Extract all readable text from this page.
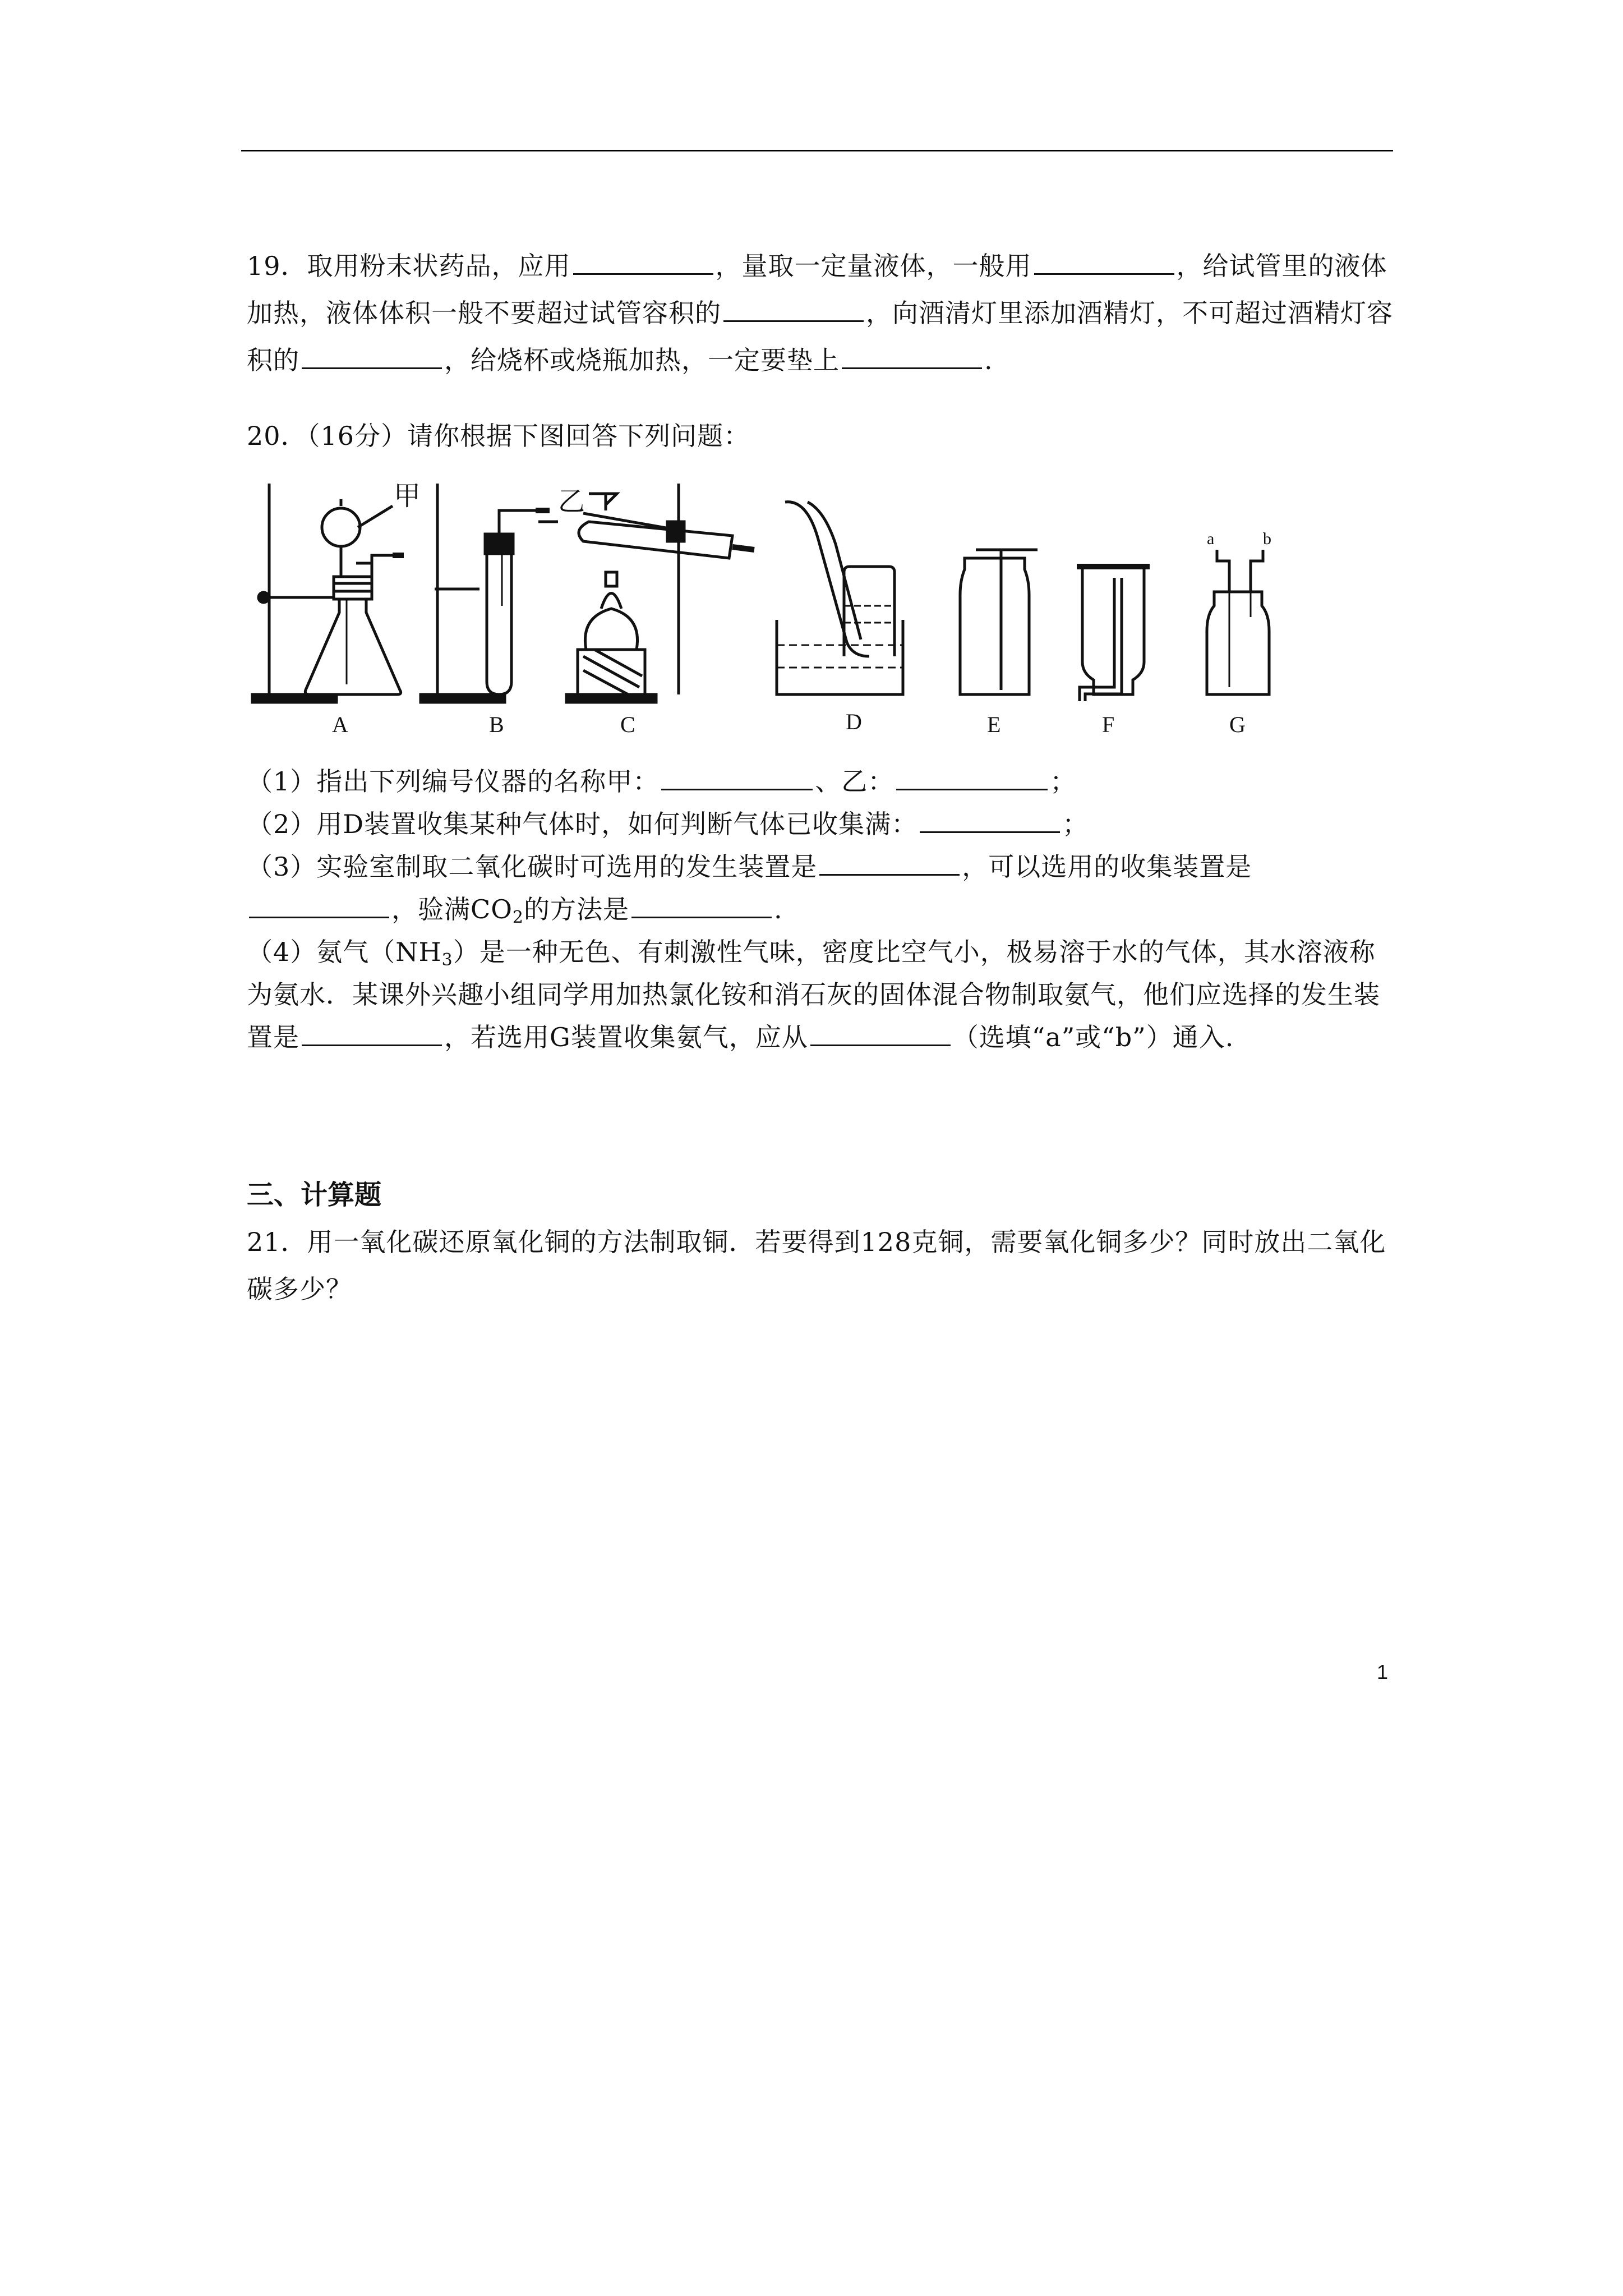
19．取用粉末状药品，应用	，量取一定量液体，一般用	，给试管里的液体加热，液体体积一般不要超过试管容积的	，向酒清灯里添加酒精灯，不可超过酒精灯容积的	，给烧杯或烧瓶加热，一定要垫上	.

20．（16分）请你根据下图回答下列问题：

甲	乙
a	b
A	B	C	D	E	F	G

（1）指出下列编号仪器的名称甲：	、乙：	；

（2）用D装置收集某种气体时，如何判断气体已收集满：	；

（3）实验室制取二氧化碳时可选用的发生装置是	，可以选用的收集装置是，验满$CO_2$的方法是	.

（4）氨气$(NH_3)$是一种无色、有刺激性气味，密度比空气小，极易溶于水的气体，其水溶液称为氨水．某课外兴趣小组同学用加热氯化铵和消石灰的固体混合物制取氨气，他们应选择的发生装置是	，若选用G装置收集氨气，应从	（选填“a”或“b”）通入.

三、计算题

21．用一氧化碳还原氧化铜的方法制取铜．若要得到128克铜，需要氧化铜多少？同时放出二氧化碳多少？

1
